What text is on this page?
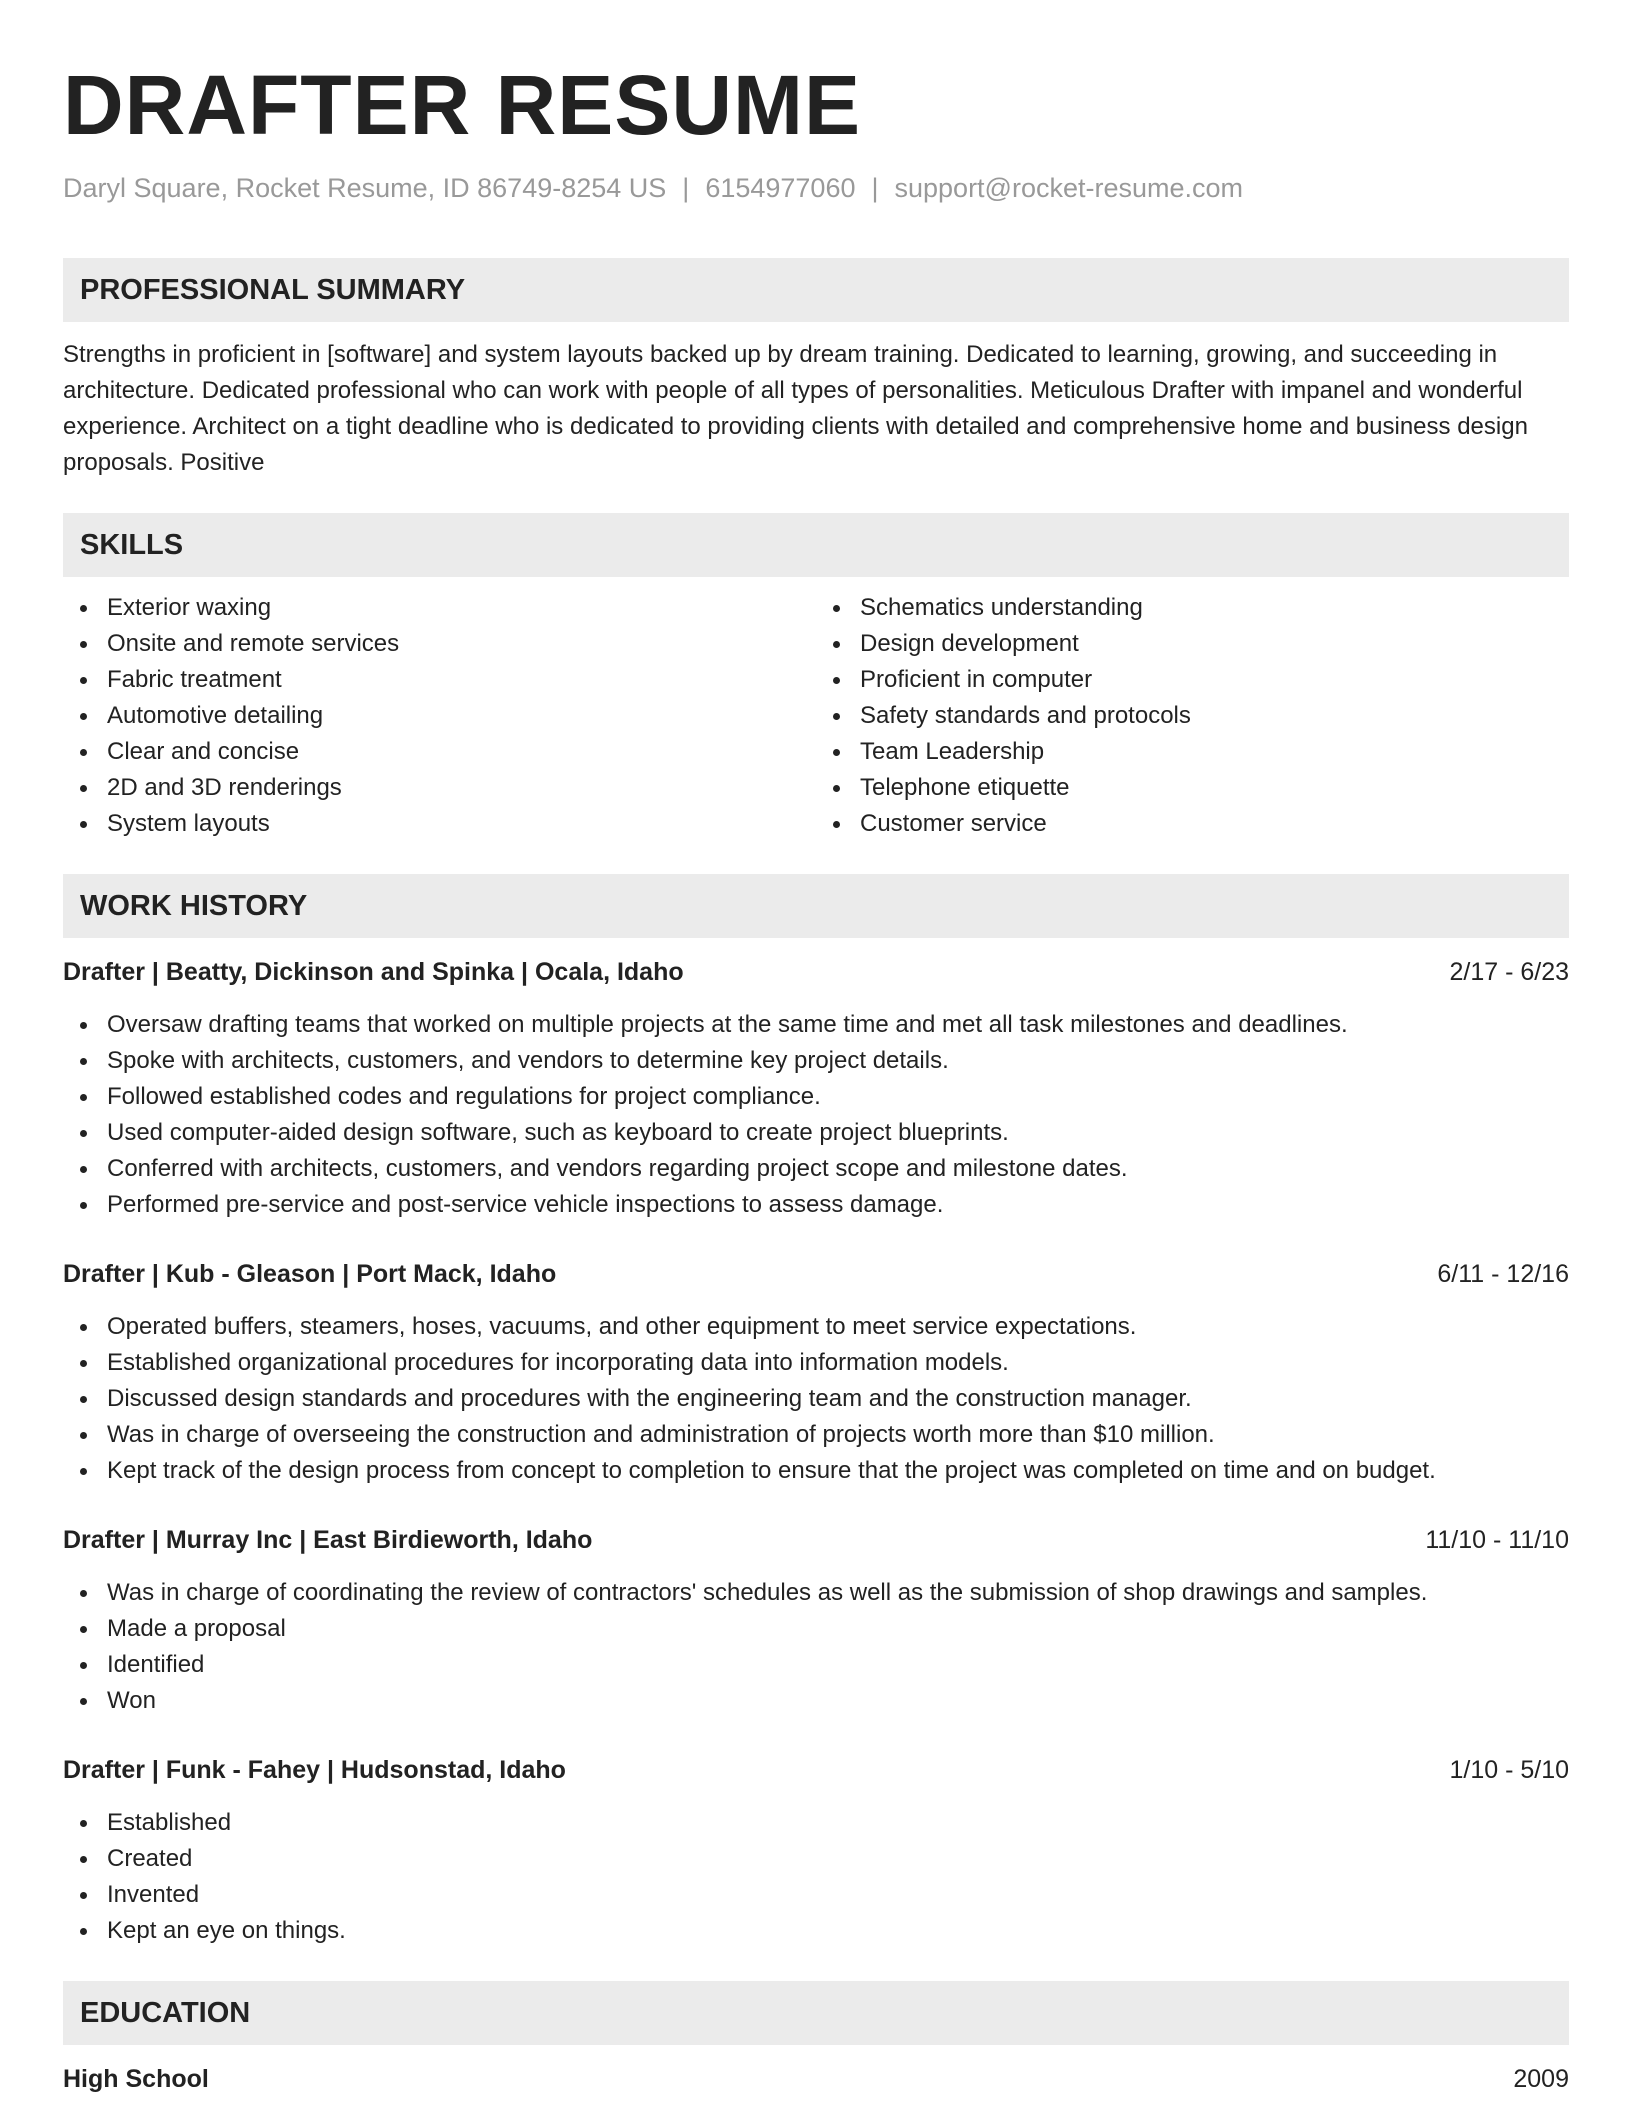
DRAFTER RESUME
Daryl Square, Rocket Resume, ID 86749-8254 US | 6154977060 | support@rocket-resume.com
PROFESSIONAL SUMMARY
Strengths in proficient in [software] and system layouts backed up by dream training. Dedicated to learning, growing, and succeeding in architecture. Dedicated professional who can work with people of all types of personalities. Meticulous Drafter with impanel and wonderful experience. Architect on a tight deadline who is dedicated to providing clients with detailed and comprehensive home and business design proposals. Positive
SKILLS
Exterior waxing
Onsite and remote services
Fabric treatment
Automotive detailing
Clear and concise
2D and 3D renderings
System layouts
Schematics understanding
Design development
Proficient in computer
Safety standards and protocols
Team Leadership
Telephone etiquette
Customer service
WORK HISTORY
Drafter | Beatty, Dickinson and Spinka | Ocala, Idaho	2/17 - 6/23
Oversaw drafting teams that worked on multiple projects at the same time and met all task milestones and deadlines.
Spoke with architects, customers, and vendors to determine key project details.
Followed established codes and regulations for project compliance.
Used computer-aided design software, such as keyboard to create project blueprints.
Conferred with architects, customers, and vendors regarding project scope and milestone dates.
Performed pre-service and post-service vehicle inspections to assess damage.
Drafter | Kub - Gleason | Port Mack, Idaho	6/11 - 12/16
Operated buffers, steamers, hoses, vacuums, and other equipment to meet service expectations.
Established organizational procedures for incorporating data into information models.
Discussed design standards and procedures with the engineering team and the construction manager.
Was in charge of overseeing the construction and administration of projects worth more than $10 million.
Kept track of the design process from concept to completion to ensure that the project was completed on time and on budget.
Drafter | Murray Inc | East Birdieworth, Idaho	11/10 - 11/10
Was in charge of coordinating the review of contractors' schedules as well as the submission of shop drawings and samples.
Made a proposal
Identified
Won
Drafter | Funk - Fahey | Hudsonstad, Idaho	1/10 - 5/10
Established
Created
Invented
Kept an eye on things.
EDUCATION
High School	2009
